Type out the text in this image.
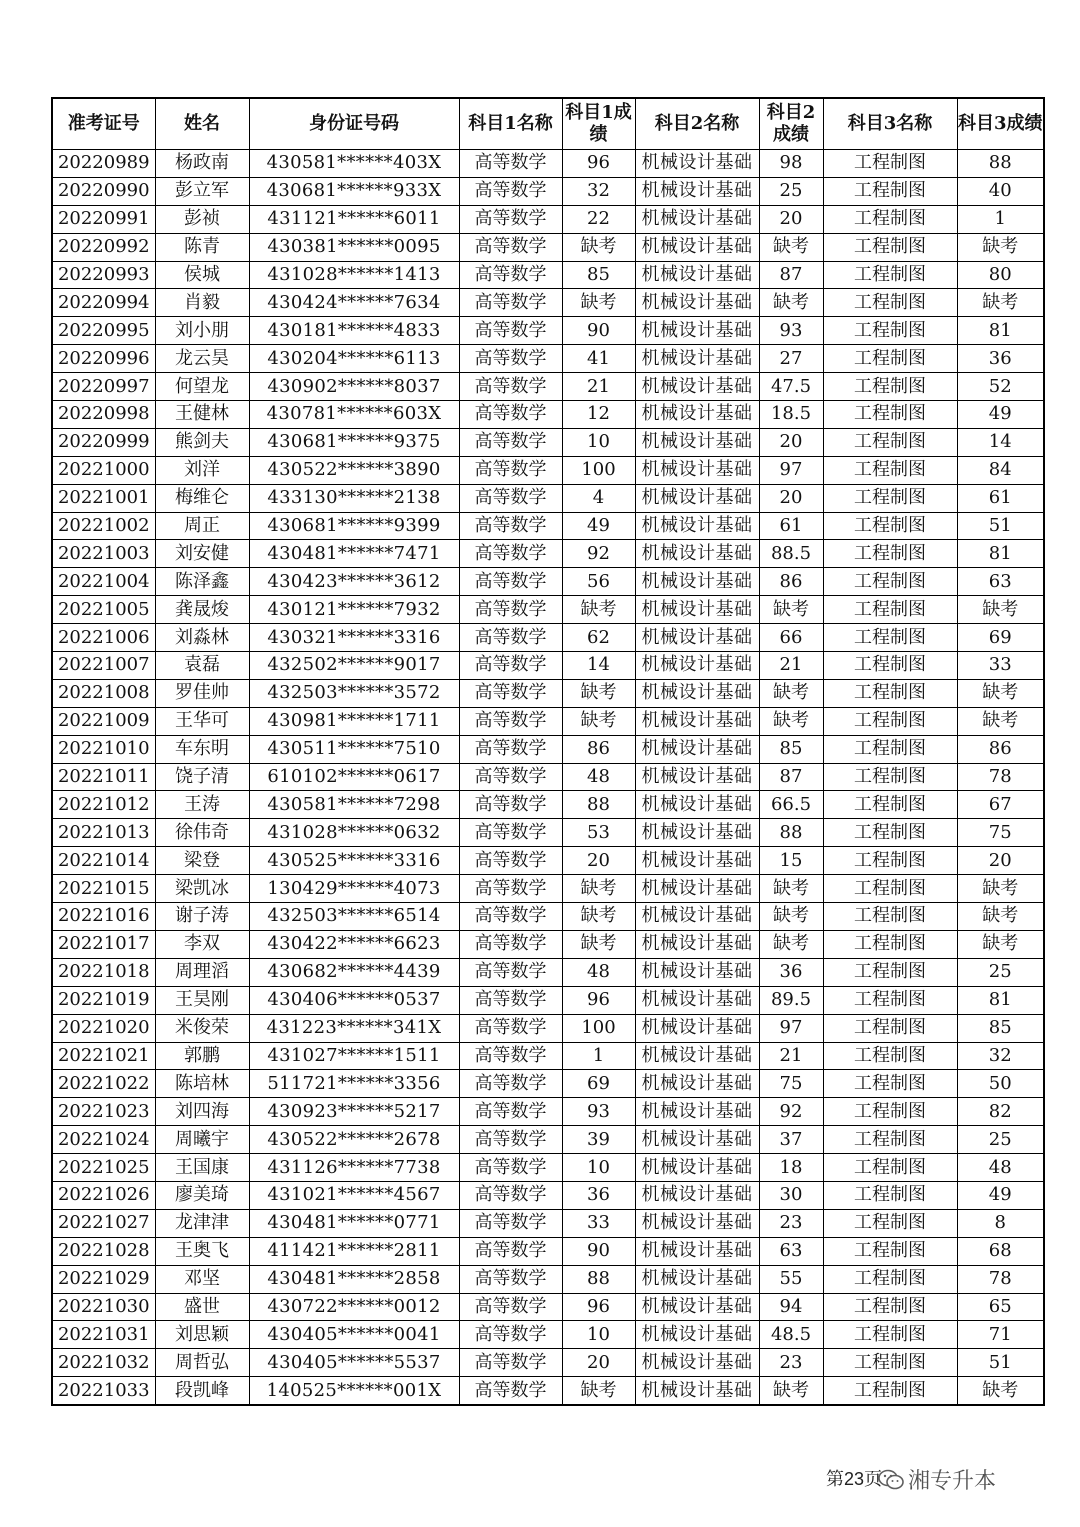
准考证号	姓名	身份证号码	科目1名称	科目1成绩	科目2名称	科目2成绩	科目3名称	科目3成绩
20220989	杨政南	430581******403X	高等数学	96	机械设计基础	98	工程制图	88
20220990	彭立军	430681******933X	高等数学	32	机械设计基础	25	工程制图	40
20220991	彭祯	431121******6011	高等数学	22	机械设计基础	20	工程制图	1
20220992	陈青	430381******0095	高等数学	缺考	机械设计基础	缺考	工程制图	缺考
20220993	侯城	431028******1413	高等数学	85	机械设计基础	87	工程制图	80
20220994	肖毅	430424******7634	高等数学	缺考	机械设计基础	缺考	工程制图	缺考
20220995	刘小朋	430181******4833	高等数学	90	机械设计基础	93	工程制图	81
20220996	龙云昊	430204******6113	高等数学	41	机械设计基础	27	工程制图	36
20220997	何望龙	430902******8037	高等数学	21	机械设计基础	47.5	工程制图	52
20220998	王健林	430781******603X	高等数学	12	机械设计基础	18.5	工程制图	49
20220999	熊剑夫	430681******9375	高等数学	10	机械设计基础	20	工程制图	14
20221000	刘洋	430522******3890	高等数学	100	机械设计基础	97	工程制图	84
20221001	梅维仑	433130******2138	高等数学	4	机械设计基础	20	工程制图	61
20221002	周正	430681******9399	高等数学	49	机械设计基础	61	工程制图	51
20221003	刘安健	430481******7471	高等数学	92	机械设计基础	88.5	工程制图	81
20221004	陈泽鑫	430423******3612	高等数学	56	机械设计基础	86	工程制图	63
20221005	龚晟焌	430121******7932	高等数学	缺考	机械设计基础	缺考	工程制图	缺考
20221006	刘淼林	430321******3316	高等数学	62	机械设计基础	66	工程制图	69
20221007	袁磊	432502******9017	高等数学	14	机械设计基础	21	工程制图	33
20221008	罗佳帅	432503******3572	高等数学	缺考	机械设计基础	缺考	工程制图	缺考
20221009	王华可	430981******1711	高等数学	缺考	机械设计基础	缺考	工程制图	缺考
20221010	车东明	430511******7510	高等数学	86	机械设计基础	85	工程制图	86
20221011	饶子清	610102******0617	高等数学	48	机械设计基础	87	工程制图	78
20221012	王涛	430581******7298	高等数学	88	机械设计基础	66.5	工程制图	67
20221013	徐伟奇	431028******0632	高等数学	53	机械设计基础	88	工程制图	75
20221014	梁登	430525******3316	高等数学	20	机械设计基础	15	工程制图	20
20221015	梁凯冰	130429******4073	高等数学	缺考	机械设计基础	缺考	工程制图	缺考
20221016	谢子涛	432503******6514	高等数学	缺考	机械设计基础	缺考	工程制图	缺考
20221017	李双	430422******6623	高等数学	缺考	机械设计基础	缺考	工程制图	缺考
20221018	周理滔	430682******4439	高等数学	48	机械设计基础	36	工程制图	25
20221019	王昊刚	430406******0537	高等数学	96	机械设计基础	89.5	工程制图	81
20221020	米俊荣	431223******341X	高等数学	100	机械设计基础	97	工程制图	85
20221021	郭鹏	431027******1511	高等数学	1	机械设计基础	21	工程制图	32
20221022	陈培林	511721******3356	高等数学	69	机械设计基础	75	工程制图	50
20221023	刘四海	430923******5217	高等数学	93	机械设计基础	92	工程制图	82
20221024	周曦宇	430522******2678	高等数学	39	机械设计基础	37	工程制图	25
20221025	王国康	431126******7738	高等数学	10	机械设计基础	18	工程制图	48
20221026	廖美琦	431021******4567	高等数学	36	机械设计基础	30	工程制图	49
20221027	龙津津	430481******0771	高等数学	33	机械设计基础	23	工程制图	8
20221028	王奥飞	411421******2811	高等数学	90	机械设计基础	63	工程制图	68
20221029	邓坚	430481******2858	高等数学	88	机械设计基础	55	工程制图	78
20221030	盛世	430722******0012	高等数学	96	机械设计基础	94	工程制图	65
20221031	刘思颖	430405******0041	高等数学	10	机械设计基础	48.5	工程制图	71
20221032	周哲弘	430405******5537	高等数学	20	机械设计基础	23	工程制图	51
20221033	段凯峰	140525******001X	高等数学	缺考	机械设计基础	缺考	工程制图	缺考
第23页 湘专升本
